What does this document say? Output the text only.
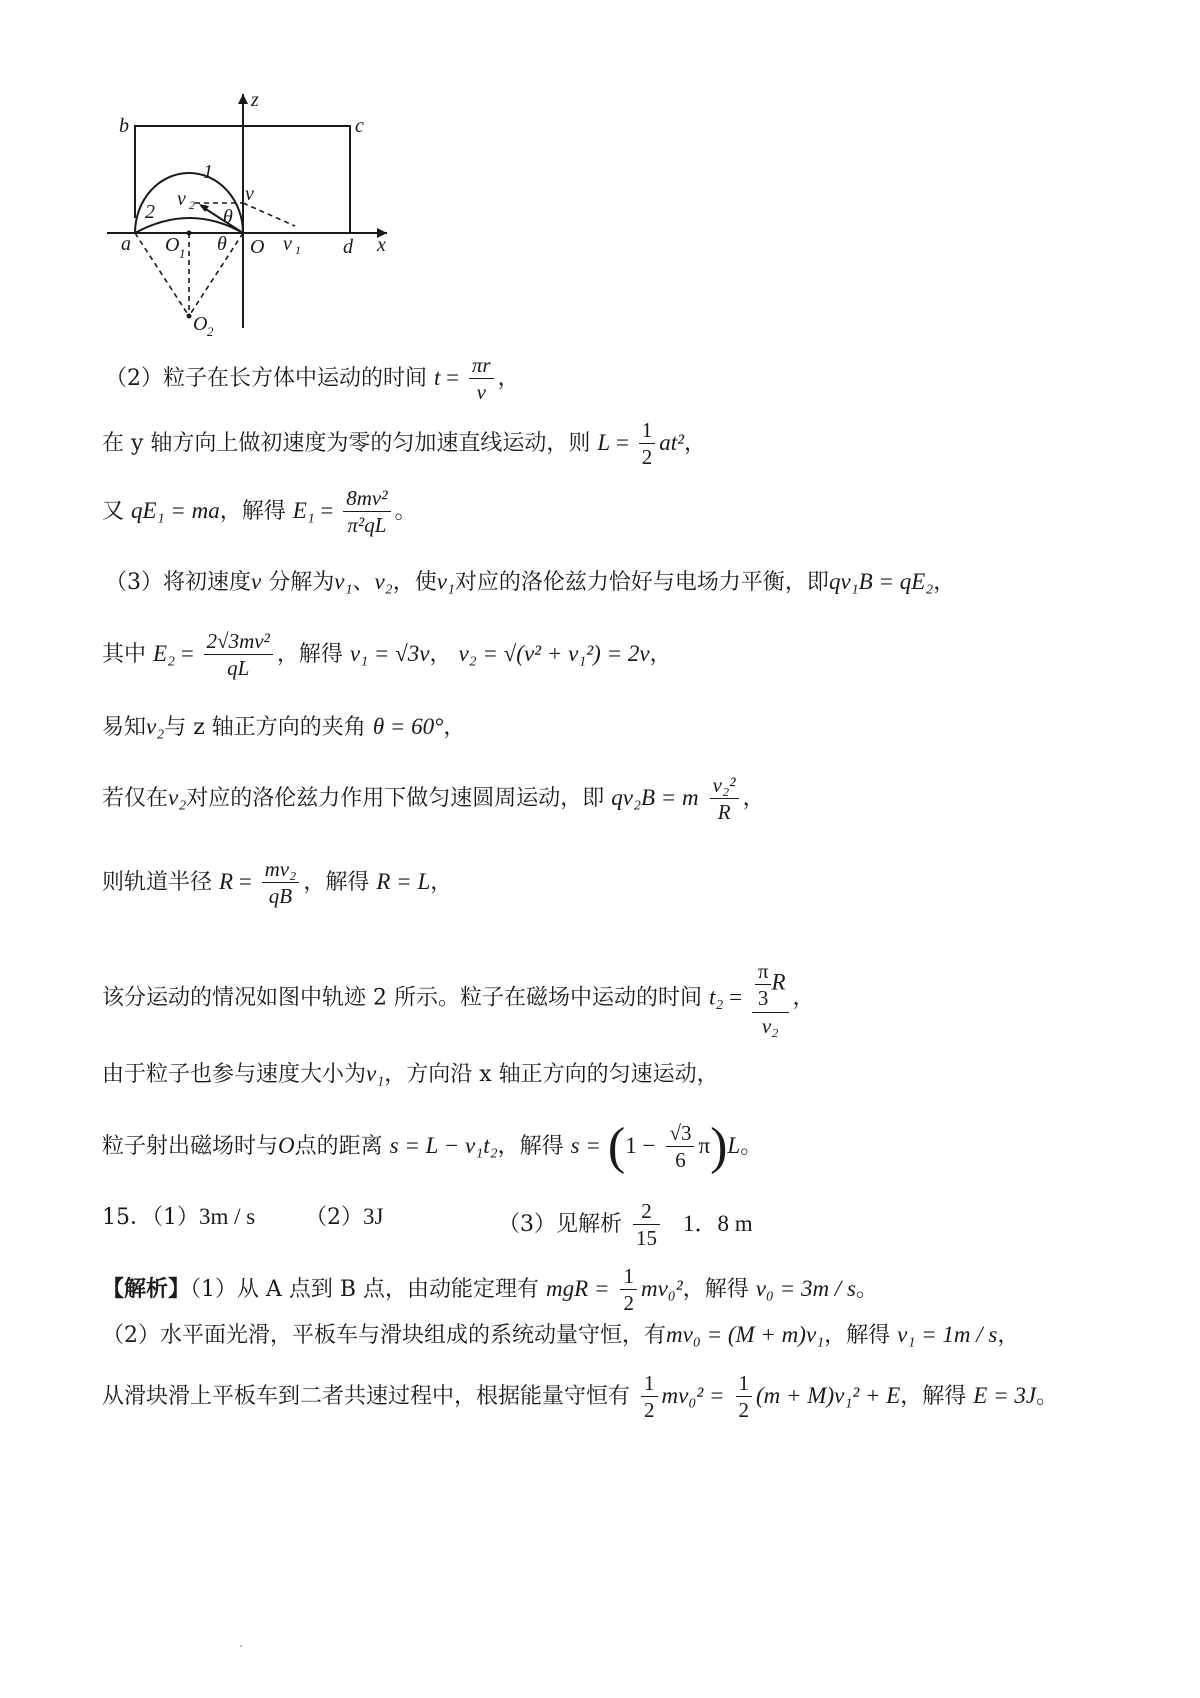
b	c
a	d
z
x
O
O 1
O 2
1
2
v
v 2
v 1
θ
θ
（2）粒子在长方体中运动的时间 $t = \frac{\pi r}{v}$ ，
在 y 轴方向上做初速度为零的匀加速直线运动，则 $L = \frac{1}{2} at^2$，
又 qE₁ = ma，解得 $E_1 = \frac{\text{8mv²}}{\text{π²qL}}$ 。
（3）将初速度v 分解为v₁、v₂，使v₁对应的洛伦兹力恰好与电场力平衡，即qv₁B = qE₂，
其中 $E_2 = \frac{\text{2√3mv²}}{qL}$ ，解得 v₁ = √3v， v₂ = √(v² + v₁²) = 2v，
易知v₂与 z 轴正方向的夹角 θ = 60°，
若仅在v₂对应的洛伦兹力作用下做匀速圆周运动，即 qv₂B = m $\frac{\text{v₂²}}{R}$ ，
则轨道半径 $R = \frac{\text{mv₂}}{qB}$ ，解得 R = L，
该分运动的情况如图中轨迹 2 所示。粒子在磁场中运动的时间 $t_2 = \frac{\frac{\pi}{3} R}{\text{v₂}}$ ，
由于粒子也参与速度大小为v₁，方向沿 x 轴正方向的匀速运动，
粒子射出磁场时与O点的距离 s = L − v₁t₂，解得 $s = (1 - \frac{√3}{6} \pi)L$。
15．（1）3m / s （2）3J	（3）见解析 $\frac{2}{15} 1$．8 m
【解析】（1）从 A 点到 B 点，由动能定理有 mgR = $\frac{1}{2} mv_0^2$，解得 v₀ = 3m / s。
（2）水平面光滑，平板车与滑块组成的系统动量守恒，有mv₀ = (M + m)v₁，解得 v₁ = 1m / s，
从滑块滑上平板车到二者共速过程中，根据能量守恒有 $\frac{1}{2} mv_0^2 = \frac{1}{2} (m + M)v_1^2 + E$，解得 E = 3J。
